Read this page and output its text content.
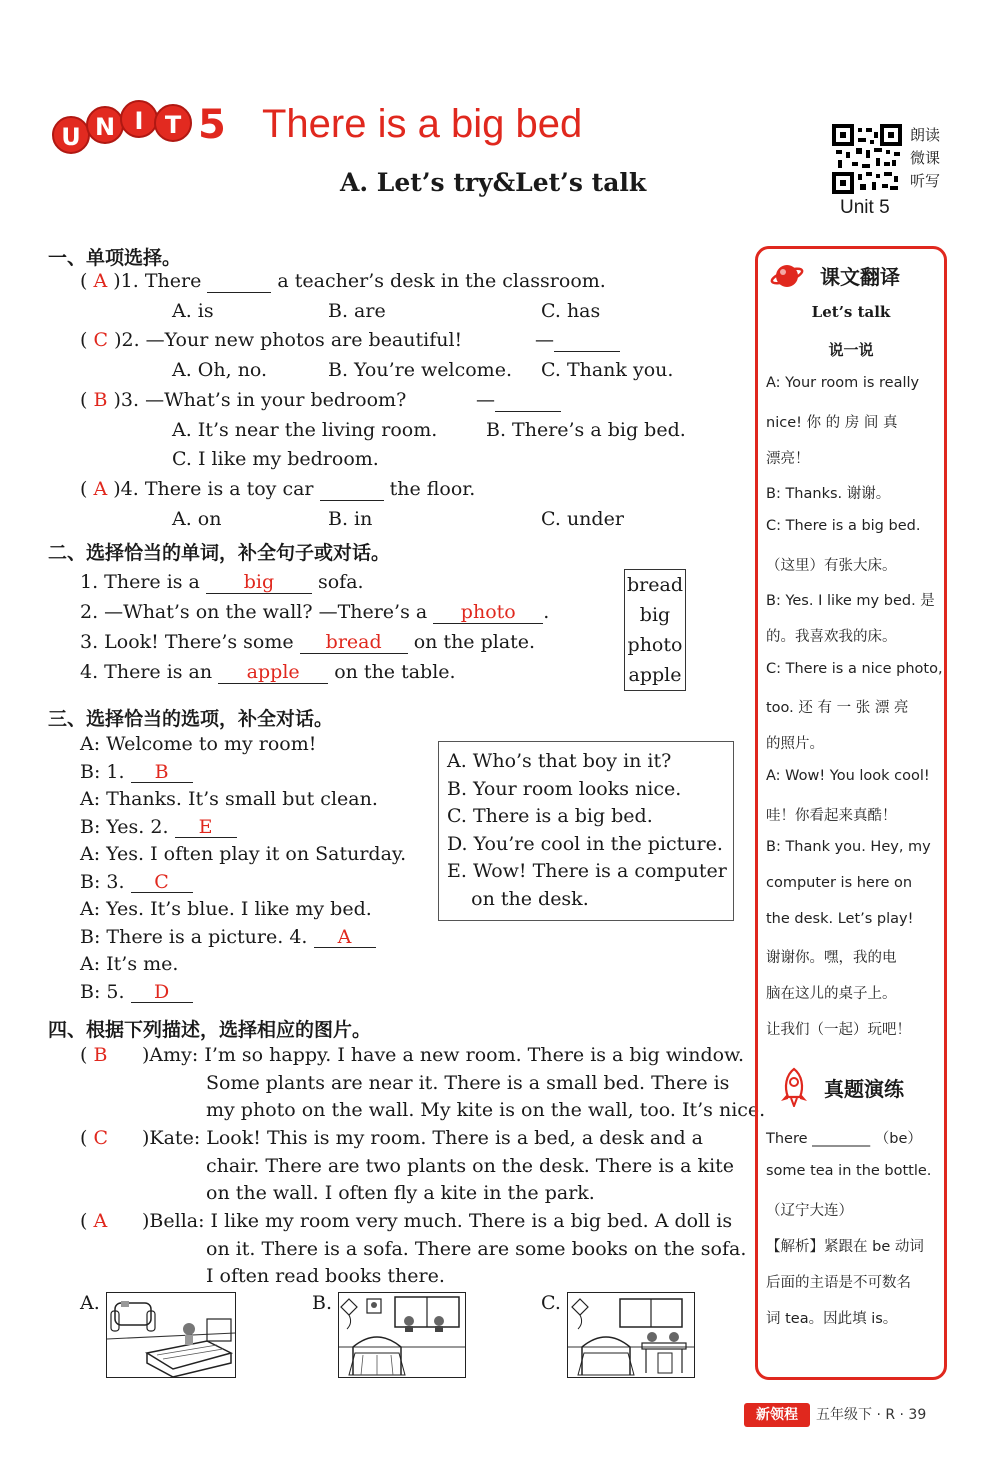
U N I T 5 There is a big bed
A. Let’s try&Let’s talk
朗读
微课
听写
Unit 5
一、单项选择。
( A )1. There	a teacher’s desk in the classroom.
A. is	B. are	C. has
( C )2. —Your new photos are beautiful!	—
A. Oh, no.	B. You’re welcome. C. Thank you.
( B )3. —What’s in your bedroom?	—
A. It’s near the living room.	B. There’s a big bed.
C. I like my bedroom.
( A )4. There is a toy car	the floor.
A. on	B. in	C. under
二、选择恰当的单词，补全句子或对话。
1. There is a big sofa.
2. —What’s on the wall? —There’s a photo .
3. Look! There’s some bread on the plate.
4. There is an apple on the table.
bread
big
photo
apple
三、选择恰当的选项，补全对话。
A: Welcome to my room!
B: 1. B
A: Thanks. It’s small but clean.
B: Yes. 2. E
A: Yes. I often play it on Saturday.
B: 3. C
A: Yes. It’s blue. I like my bed.
B: There is a picture. 4. A
A: It’s me.
B: 5. D
A. Who’s that boy in it?
B. Your room looks nice.
C. There is a big bed.
D. You’re cool in the picture.
E. Wow! There is a computer
on the desk.
四、根据下列描述，选择相应的图片。
( B )Amy: I’m so happy. I have a new room. There is a big window.
Some plants are near it. There is a small bed. There is
my photo on the wall. My kite is on the wall, too. It’s nice.
( C )Kate: Look! This is my room. There is a bed, a desk and a
chair. There are two plants on the desk. There is a kite
on the wall. I often fly a kite in the park.
( A )Bella: I like my room very much. There is a big bed. A doll is
on it. There is a sofa. There are some books on the sofa.
I often read books there.
A.	B.	C.
课文翻译
Let’s talk
说一说
A: Your room is really
nice! 你 的 房 间 真
漂亮！
B: Thanks. 谢谢。
C: There is a big bed.
（这里）有张大床。
B: Yes. I like my bed. 是
的。我喜欢我的床。
C: There is a nice photo,
too. 还 有 一 张 漂 亮
的照片。
A: Wow! You look cool!
哇！你看起来真酷！
B: Thank you. Hey, my
computer is here on
the desk. Let’s play!
谢谢你。嘿，我的电
脑在这儿的桌子上。
让我们（一起）玩吧！
真题演练
There ________ （be）
some tea in the bottle.
（辽宁大连）
【解析】紧跟在 be 动词
后面的主语是不可数名
词 tea。因此填 is。
新领程	五年级下 · R · 39
